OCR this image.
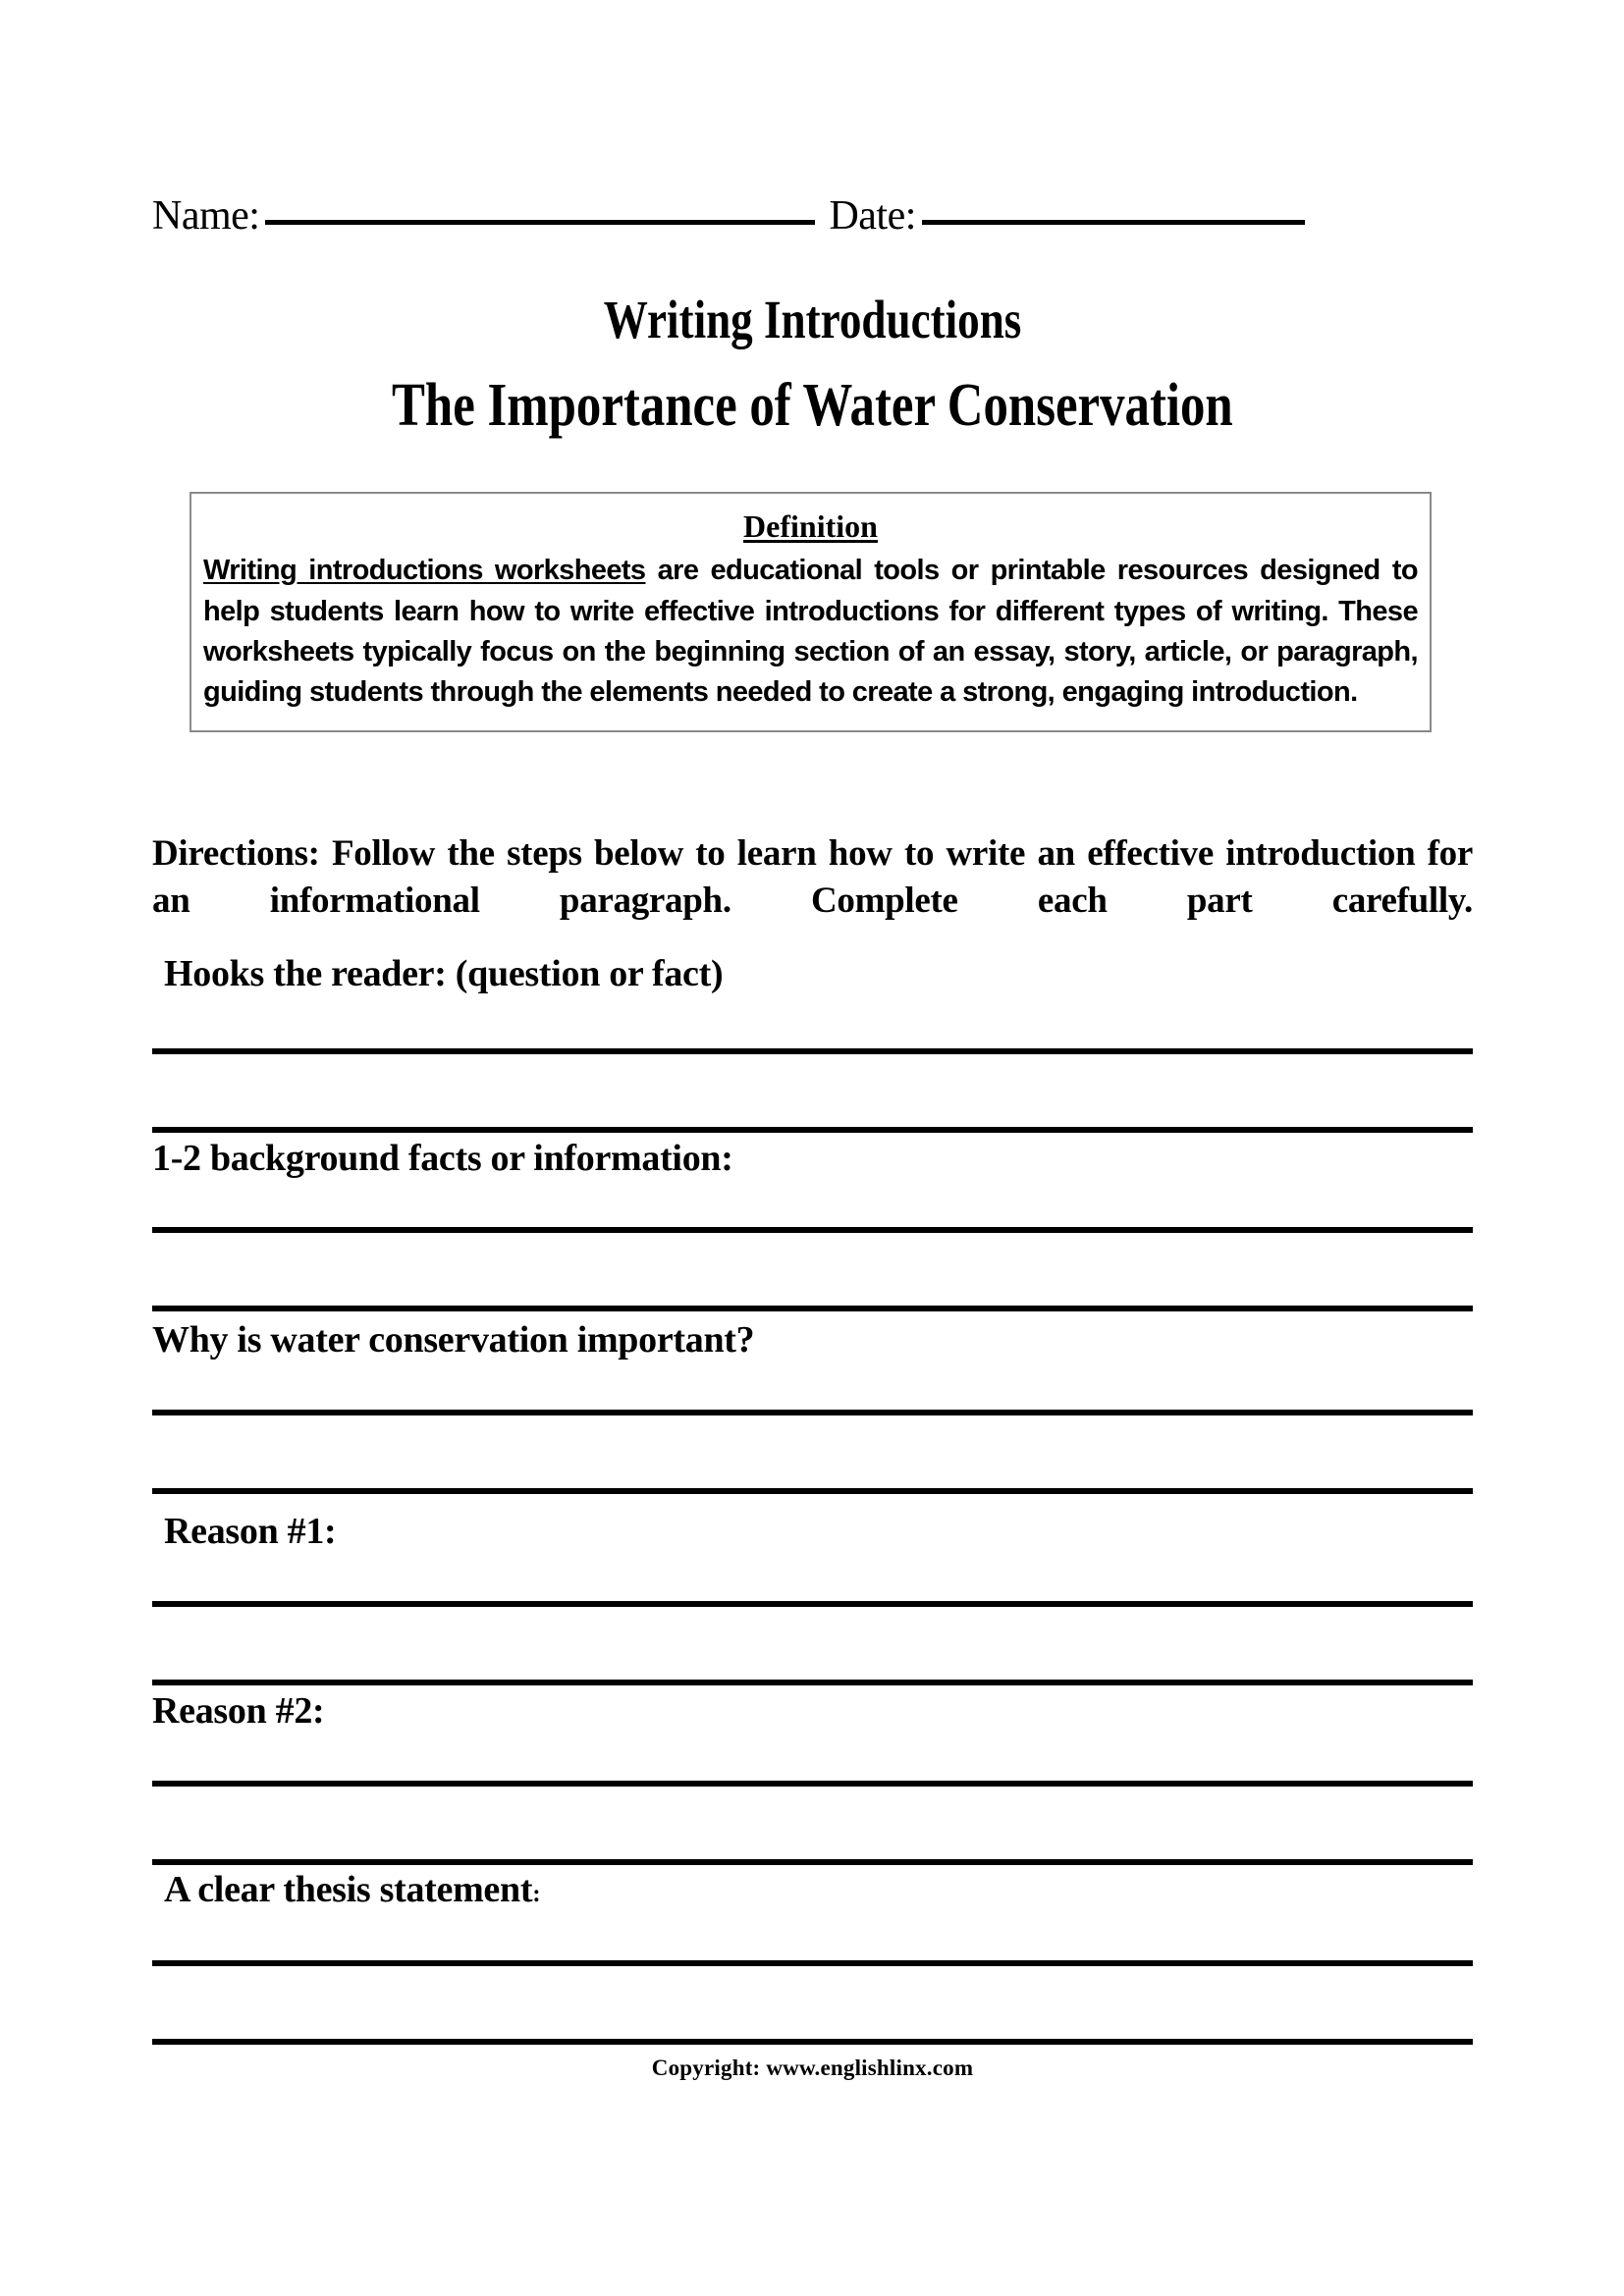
Name:	Date:
Writing Introductions
The Importance of Water Conservation
Definition
Writing introductions worksheets are educational tools or printable resources designed to help students learn how to write effective introductions for different types of writing. These worksheets typically focus on the beginning section of an essay, story, article, or paragraph, guiding students through the elements needed to create a strong, engaging introduction.
Directions: Follow the steps below to learn how to write an effective introduction for an informational paragraph. Complete each part carefully.
Hooks the reader: (question or fact)
1-2 background facts or information:
Why is water conservation important?
Reason #1:
Reason #2:
A clear thesis statement:
Copyright: www.englishlinx.com
